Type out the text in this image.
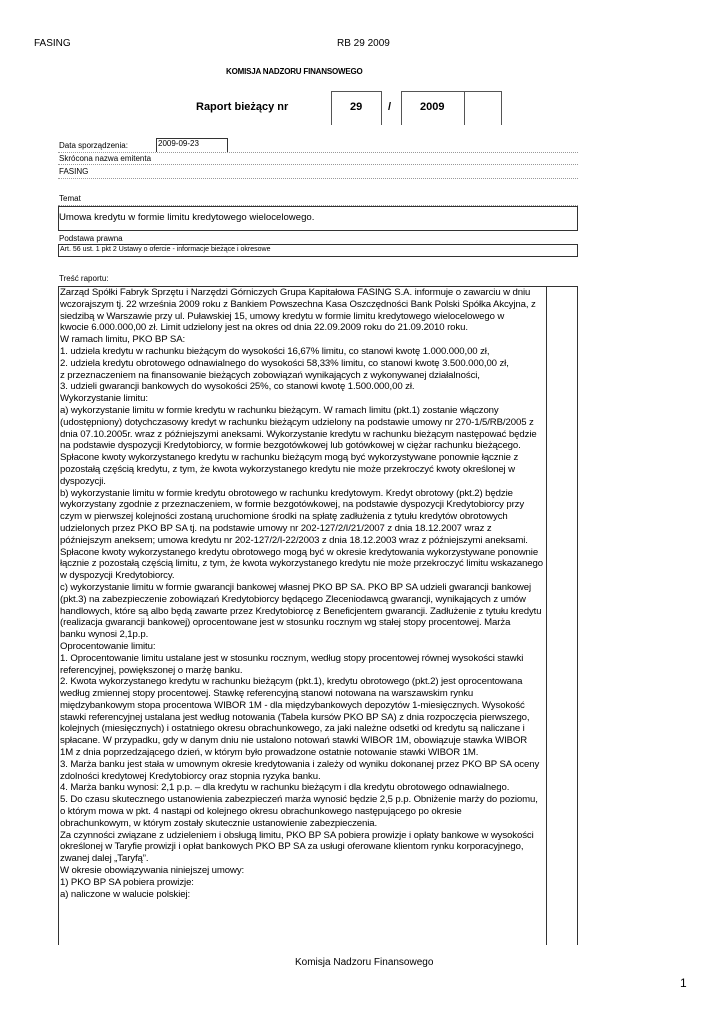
FASING	RB 29 2009
KOMISJA NADZORU FINANSOWEGO
Raport bieżący nr	29 /	2009
Data sporządzenia:	2009-09-23
Skrócona nazwa emitenta
FASING
Temat
Umowa kredytu w formie limitu kredytowego wielocelowego.
Podstawa prawna
Art. 56 ust. 1 pkt 2 Ustawy o ofercie - informacje bieżące i okresowe
Treść raportu:
Zarząd Spółki Fabryk Sprzętu i Narzędzi Górniczych Grupa Kapitałowa FASING S.A. informuje o zawarciu w dniu
wczorajszym tj. 22 września 2009 roku z Bankiem Powszechna Kasa Oszczędności Bank Polski Spółka Akcyjna, z
siedzibą w Warszawie przy ul. Puławskiej 15, umowy kredytu w formie limitu kredytowego wielocelowego w
kwocie 6.000.000,00 zł. Limit udzielony jest na okres od dnia 22.09.2009 roku do 21.09.2010 roku.
W ramach limitu, PKO BP SA:
1. udziela kredytu w rachunku bieżącym do wysokości 16,67% limitu, co stanowi kwotę 1.000.000,00 zł,
2. udziela kredytu obrotowego odnawialnego do wysokości 58,33% limitu, co stanowi kwotę 3.500.000,00 zł,
z przeznaczeniem na finansowanie bieżących zobowiązań wynikających z wykonywanej działalności,
3. udzieli gwarancji bankowych do wysokości 25%, co stanowi kwotę 1.500.000,00 zł.
Wykorzystanie limitu:
a) wykorzystanie limitu w formie kredytu w rachunku bieżącym. W ramach limitu (pkt.1) zostanie włączony
(udostępniony) dotychczasowy kredyt w rachunku bieżącym udzielony na podstawie umowy nr 270-1/5/RB/2005 z
dnia 07.10.2005r. wraz z późniejszymi aneksami. Wykorzystanie kredytu w rachunku bieżącym następować będzie
na podstawie dyspozycji Kredytobiorcy, w formie bezgotówkowej lub gotówkowej w ciężar rachunku bieżącego.
Spłacone kwoty wykorzystanego kredytu w rachunku bieżącym mogą być wykorzystywane ponownie łącznie z
pozostałą częścią kredytu, z tym, że kwota wykorzystanego kredytu nie może przekroczyć kwoty określonej w
dyspozycji.
b) wykorzystanie limitu w formie kredytu obrotowego w rachunku kredytowym. Kredyt obrotowy (pkt.2) będzie
wykorzystany zgodnie z przeznaczeniem, w formie bezgotówkowej, na podstawie dyspozycji Kredytobiorcy przy
czym w pierwszej kolejności zostaną uruchomione środki na spłatę zadłużenia z tytułu kredytów obrotowych
udzielonych przez PKO BP SA tj. na podstawie umowy nr 202-127/2/I/21/2007 z dnia 18.12.2007 wraz z
późniejszym aneksem; umowa kredytu nr 202-127/2/I-22/2003 z dnia 18.12.2003 wraz z późniejszymi aneksami.
Spłacone kwoty wykorzystanego kredytu obrotowego mogą być w okresie kredytowania wykorzystywane ponownie
łącznie z pozostałą częścią limitu, z tym, że kwota wykorzystanego kredytu nie może przekroczyć limitu wskazanego
w dyspozycji Kredytobiorcy.
c) wykorzystanie limitu w formie gwarancji bankowej własnej PKO BP SA. PKO BP SA udzieli gwarancji bankowej
(pkt.3) na zabezpieczenie zobowiązań Kredytobiorcy będącego Zleceniodawcą gwarancji, wynikających z umów
handlowych, które są albo będą zawarte przez Kredytobiorcę z Beneficjentem gwarancji. Zadłużenie z tytułu kredytu
(realizacja gwarancji bankowej) oprocentowane jest w stosunku rocznym wg stałej stopy procentowej. Marża
banku wynosi 2,1p.p.
Oprocentowanie limitu:
1. Oprocentowanie limitu ustalane jest w stosunku rocznym, według stopy procentowej równej wysokości stawki
referencyjnej, powiększonej o marżę banku.
2. Kwota wykorzystanego kredytu w rachunku bieżącym (pkt.1), kredytu obrotowego (pkt.2) jest oprocentowana
według zmiennej stopy procentowej. Stawkę referencyjną stanowi notowana na warszawskim rynku
międzybankowym stopa procentowa WIBOR 1M - dla międzybankowych depozytów 1-miesięcznych. Wysokość
stawki referencyjnej ustalana jest według notowania (Tabela kursów PKO BP SA) z dnia rozpoczęcia pierwszego,
kolejnych (miesięcznych) i ostatniego okresu obrachunkowego, za jaki należne odsetki od kredytu są naliczane i
spłacane. W przypadku, gdy w danym dniu nie ustalono notowań stawki WIBOR 1M, obowiązuje stawka WIBOR
1M z dnia poprzedzającego dzień, w którym było prowadzone ostatnie notowanie stawki WIBOR 1M.
3. Marża banku jest stała w umownym okresie kredytowania i zależy od wyniku dokonanej przez PKO BP SA oceny
zdolności kredytowej Kredytobiorcy oraz stopnia ryzyka banku.
4. Marża banku wynosi: 2,1 p.p. – dla kredytu w rachunku bieżącym i dla kredytu obrotowego odnawialnego.
5. Do czasu skutecznego ustanowienia zabezpieczeń marża wynosić będzie 2,5 p.p. Obniżenie marży do poziomu,
o którym mowa w pkt. 4 nastąpi od kolejnego okresu obrachunkowego następującego po okresie
obrachunkowym, w którym zostały skutecznie ustanowienie zabezpieczenia.
Za czynności związane z udzieleniem i obsługą limitu, PKO BP SA pobiera prowizje i opłaty bankowe w wysokości
określonej w Taryfie prowizji i opłat bankowych PKO BP SA za usługi oferowane klientom rynku korporacyjnego,
zwanej dalej „Taryfą”.
W okresie obowiązywania niniejszej umowy:
1) PKO BP SA pobiera prowizje:
a) naliczone w walucie polskiej:
Komisja Nadzoru Finansowego
1
